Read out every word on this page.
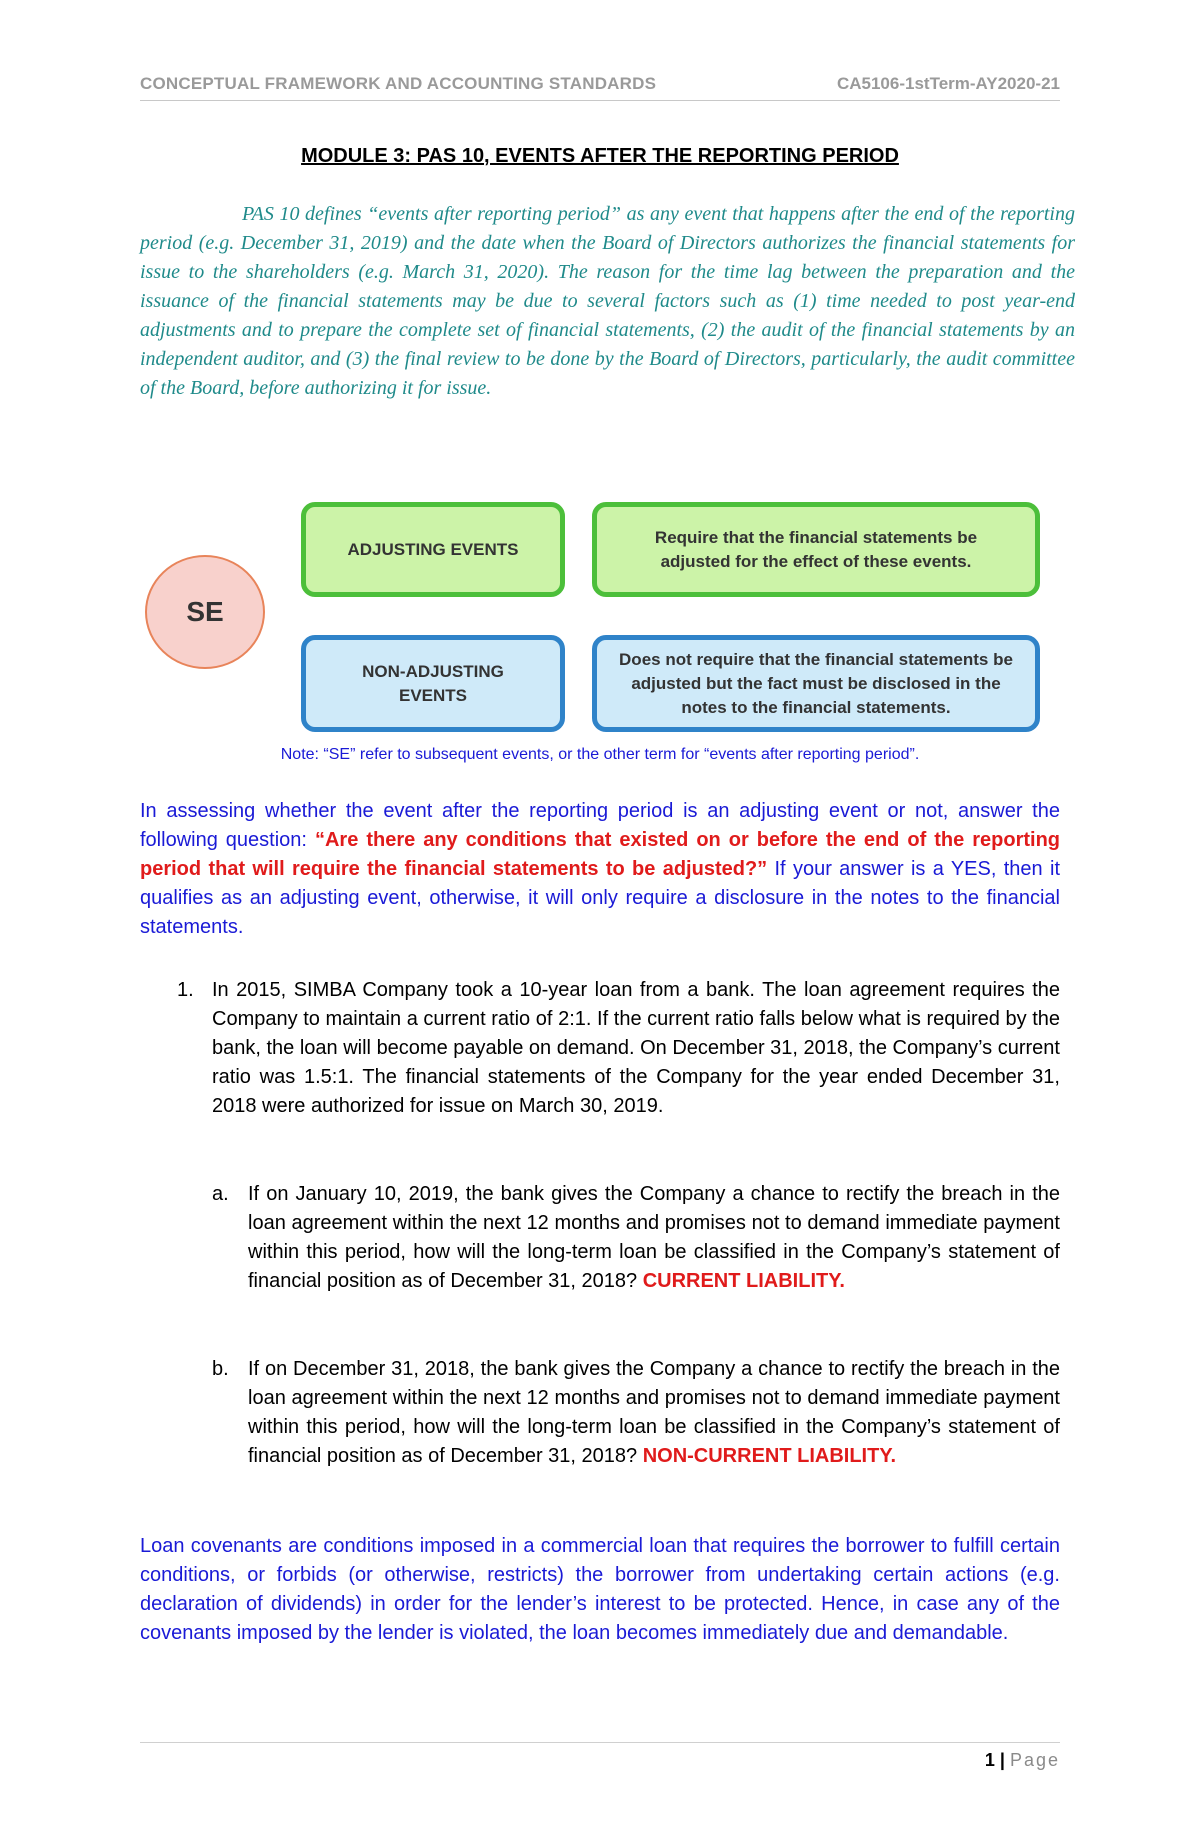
CONCEPTUAL FRAMEWORK AND ACCOUNTING STANDARDS	CA5106-1stTerm-AY2020-21
MODULE 3: PAS 10, EVENTS AFTER THE REPORTING PERIOD
PAS 10 defines “events after reporting period” as any event that happens after the end of the reporting period (e.g. December 31, 2019) and the date when the Board of Directors authorizes the financial statements for issue to the shareholders (e.g. March 31, 2020). The reason for the time lag between the preparation and the issuance of the financial statements may be due to several factors such as (1) time needed to post year-end adjustments and to prepare the complete set of financial statements, (2) the audit of the financial statements by an independent auditor, and (3) the final review to be done by the Board of Directors, particularly, the audit committee of the Board, before authorizing it for issue.
SE
ADJUSTING EVENTS
Require that the financial statements be adjusted for the effect of these events.
NON-ADJUSTING EVENTS
Does not require that the financial statements be adjusted but the fact must be disclosed in the notes to the financial statements.
Note: “SE” refer to subsequent events, or the other term for “events after reporting period”.
In assessing whether the event after the reporting period is an adjusting event or not, answer the following question: “Are there any conditions that existed on or before the end of the reporting period that will require the financial statements to be adjusted?” If your answer is a YES, then it qualifies as an adjusting event, otherwise, it will only require a disclosure in the notes to the financial statements.
1. In 2015, SIMBA Company took a 10-year loan from a bank. The loan agreement requires the Company to maintain a current ratio of 2:1. If the current ratio falls below what is required by the bank, the loan will become payable on demand. On December 31, 2018, the Company’s current ratio was 1.5:1. The financial statements of the Company for the year ended December 31, 2018 were authorized for issue on March 30, 2019.
a. If on January 10, 2019, the bank gives the Company a chance to rectify the breach in the loan agreement within the next 12 months and promises not to demand immediate payment within this period, how will the long-term loan be classified in the Company’s statement of financial position as of December 31, 2018? CURRENT LIABILITY.
b. If on December 31, 2018, the bank gives the Company a chance to rectify the breach in the loan agreement within the next 12 months and promises not to demand immediate payment within this period, how will the long-term loan be classified in the Company’s statement of financial position as of December 31, 2018? NON-CURRENT LIABILITY.
Loan covenants are conditions imposed in a commercial loan that requires the borrower to fulfill certain conditions, or forbids (or otherwise, restricts) the borrower from undertaking certain actions (e.g. declaration of dividends) in order for the lender’s interest to be protected. Hence, in case any of the covenants imposed by the lender is violated, the loan becomes immediately due and demandable.
1 | Page
